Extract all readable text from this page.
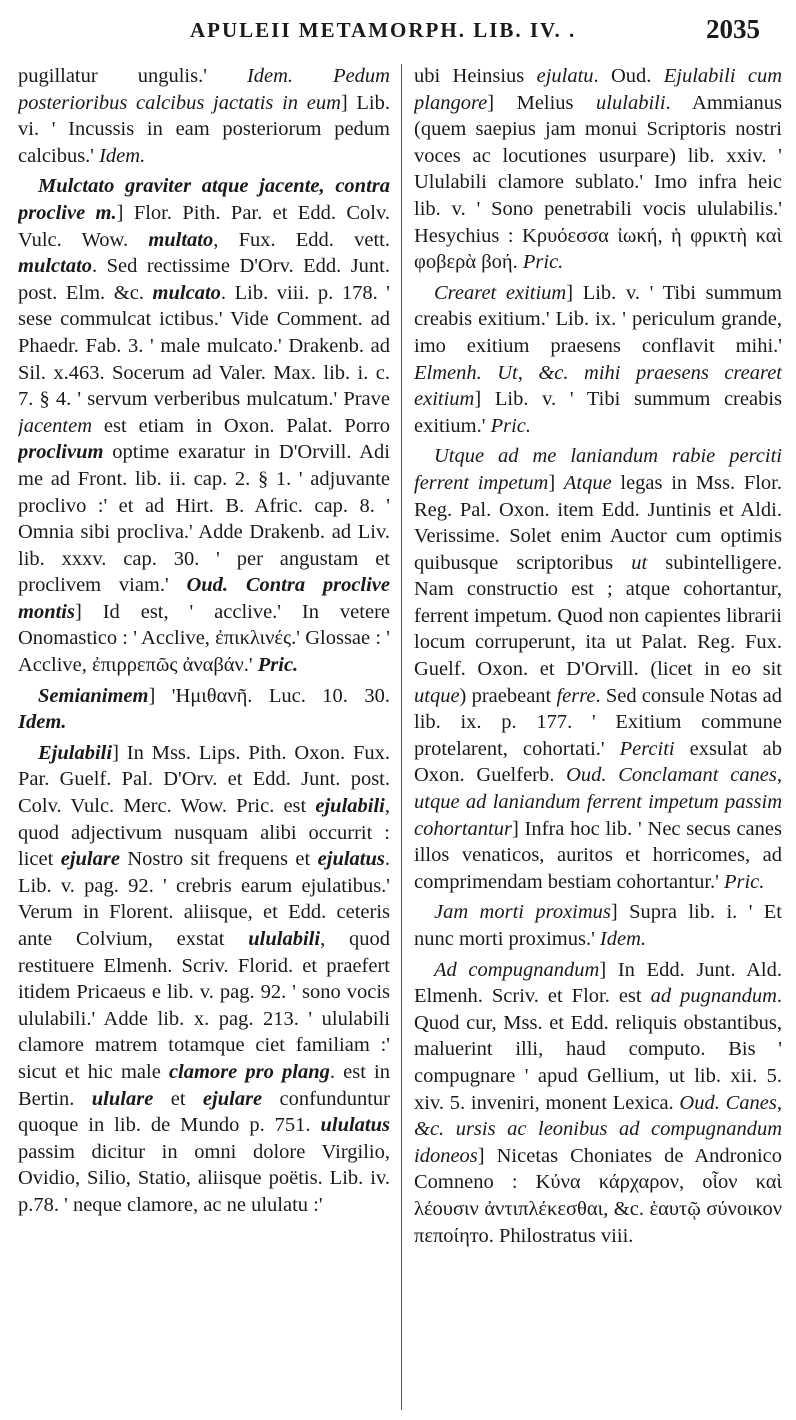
APULEII METAMORPH. LIB. IV. .	2035

pugillatur ungulis.' Idem. Pedum posterioribus calcibus jactatis in eum] Lib. vi. ' Incussis in eam posteriorum pedum calcibus.' Idem.

Mulctato graviter atque jacente, contra proclive m.] Flor. Pith. Par. et Edd. Colv. Vulc. Wow. multato, Fux. Edd. vett. mulctato. Sed rectissime D'Orv. Edd. Junt. post. Elm. &c. mulcato. Lib. viii. p. 178. ' sese commulcat ictibus.' Vide Comment. ad Phaedr. Fab. 3. ' male mulcato.' Drakenb. ad Sil. x.463. Socerum ad Valer. Max. lib. i. c. 7. § 4. ' servum verberibus mulcatum.' Prave jacentem est etiam in Oxon. Palat. Porro proclivum optime exaratur in D'Orvill. Adi me ad Front. lib. ii. cap. 2. § 1. ' adjuvante proclivo :' et ad Hirt. B. Afric. cap. 8. ' Omnia sibi procliva.' Adde Drakenb. ad Liv. lib. xxxv. cap. 30. ' per angustam et proclivem viam.' Oud. Contra proclive montis] Id est, ' acclive.' In vetere Onomastico : ' Acclive, ἐπικλινές.' Glossae : ' Acclive, ἐπιρρεπῶς ἀναβάν.' Pric.

Semianimem] 'Ημιθανῆ. Luc. 10. 30. Idem.

Ejulabili] In Mss. Lips. Pith. Oxon. Fux. Par. Guelf. Pal. D'Orv. et Edd. Junt. post. Colv. Vulc. Merc. Wow. Pric. est ejulabili, quod adjectivum nusquam alibi occurrit : licet ejulare Nostro sit frequens et ejulatus. Lib. v. pag. 92. ' crebris earum ejulatibus.' Verum in Florent. aliisque, et Edd. ceteris ante Colvium, exstat ululabili, quod restituere Elmenh. Scriv. Florid. et praefert itidem Pricaeus e lib. v. pag. 92. ' sono vocis ululabili.' Adde lib. x. pag. 213. ' ululabili clamore matrem totamque ciet familiam :' sicut et hic male clamore pro plang. est in Bertin. ululare et ejulare confunduntur quoque in lib. de Mundo p. 751. ululatus passim dicitur in omni dolore Virgilio, Ovidio, Silio, Statio, aliisque poëtis. Lib. iv. p.78. ' neque clamore, ac ne ululatu :'

ubi Heinsius ejulatu. Oud. Ejulabili cum plangore] Melius ululabili. Ammianus (quem saepius jam monui Scriptoris nostri voces ac locutiones usurpare) lib. xxiv. ' Ululabili clamore sublato.' Imo infra heic lib. v. ' Sono penetrabili vocis ululabilis.' Hesychius : Κρυόεσσα ἰωκή, ἡ φρικτὴ καὶ φοβερὰ βοή. Pric.

Crearet exitium] Lib. v. ' Tibi summum creabis exitium.' Lib. ix. ' periculum grande, imo exitium praesens conflavit mihi.' Elmenh. Ut, &c. mihi praesens crearet exitium] Lib. v. ' Tibi summum creabis exitium.' Pric.

Utque ad me laniandum rabie perciti ferrent impetum] Atque legas in Mss. Flor. Reg. Pal. Oxon. item Edd. Juntinis et Aldi. Verissime. Solet enim Auctor cum optimis quibusque scriptoribus ut subintelligere. Nam constructio est ; atque cohortantur, ferrent impetum. Quod non capientes librarii locum corruperunt, ita ut Palat. Reg. Fux. Guelf. Oxon. et D'Orvill. (licet in eo sit utque) praebeant ferre. Sed consule Notas ad lib. ix. p. 177. ' Exitium commune protelarent, cohortati.' Perciti exsulat ab Oxon. Guelferb. Oud. Conclamant canes, utque ad laniandum ferrent impetum passim cohortantur] Infra hoc lib. ' Nec secus canes illos venaticos, auritos et horricomes, ad comprimendam bestiam cohortantur.' Pric.

Jam morti proximus] Supra lib. i. ' Et nunc morti proximus.' Idem.

Ad compugnandum] In Edd. Junt. Ald. Elmenh. Scriv. et Flor. est ad pugnandum. Quod cur, Mss. et Edd. reliquis obstantibus, maluerint illi, haud computo. Bis ' compugnare ' apud Gellium, ut lib. xii. 5. xiv. 5. inveniri, monent Lexica. Oud. Canes, &c. ursis ac leonibus ad compugnandum idoneos] Nicetas Choniates de Andronico Comneno : Κύνα κάρχαρον, οἷον καὶ λέουσιν ἀντιπλέκεσθαι, &c. ἑαυτῷ σύνοικον πεποίηто. Philostratus viii.
